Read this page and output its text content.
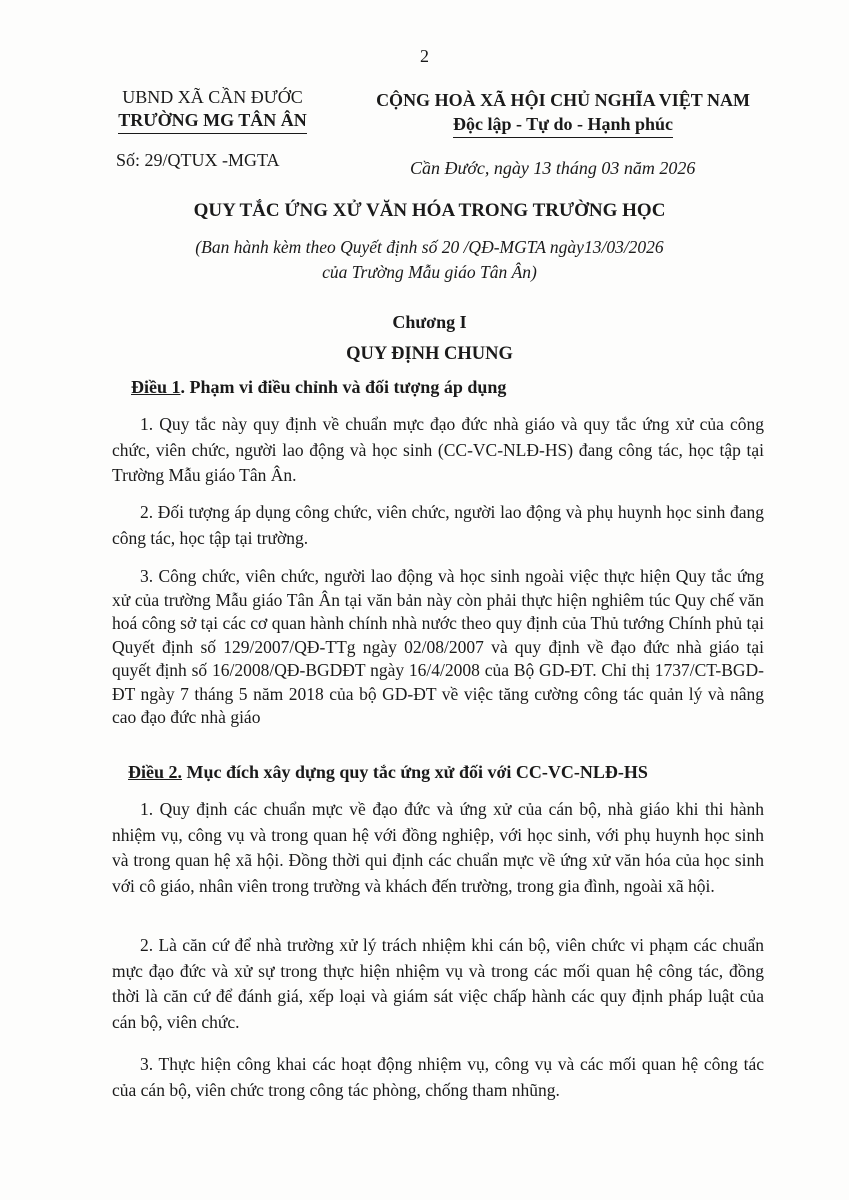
2
UBND XÃ CẦN ĐƯỚC
TRƯỜNG MG TÂN ÂN
CỘNG HOÀ XÃ HỘI CHỦ NGHĨA VIỆT NAM
Độc lập - Tự do - Hạnh phúc
Số: 29/QTUX -MGTA	Cần Đước, ngày 13 tháng 03 năm 2026
QUY TẮC ỨNG XỬ VĂN HÓA TRONG TRƯỜNG HỌC
(Ban hành kèm theo Quyết định số 20 /QĐ-MGTA ngày13/03/2026
của Trường Mẫu giáo Tân Ân)
Chương I
QUY ĐỊNH CHUNG
Điều 1. Phạm vi điều chỉnh và đối tượng áp dụng
1. Quy tắc này quy định về chuẩn mực đạo đức nhà giáo và quy tắc ứng xử của công chức, viên chức, người lao động và học sinh (CC-VC-NLĐ-HS) đang công tác, học tập tại Trường Mẫu giáo Tân Ân.
2. Đối tượng áp dụng công chức, viên chức, người lao động và phụ huynh học sinh đang công tác, học tập tại trường.
3. Công chức, viên chức, người lao động và học sinh ngoài việc thực hiện Quy tắc ứng xử của trường Mẫu giáo Tân Ân tại văn bản này còn phải thực hiện nghiêm túc Quy chế văn hoá công sở tại các cơ quan hành chính nhà nước theo quy định của Thủ tướng Chính phủ tại Quyết định số 129/2007/QĐ-TTg ngày 02/08/2007 và quy định về đạo đức nhà giáo tại quyết định số 16/2008/QĐ-BGDĐT ngày 16/4/2008 của Bộ GD-ĐT. Chỉ thị 1737/CT-BGD-ĐT ngày 7 tháng 5 năm 2018 của bộ GD-ĐT về việc tăng cường công tác quản lý và nâng cao đạo đức nhà giáo
Điều 2. Mục đích xây dựng quy tắc ứng xử đối với CC-VC-NLĐ-HS
1. Quy định các chuẩn mực về đạo đức và ứng xử của cán bộ, nhà giáo khi thi hành nhiệm vụ, công vụ và trong quan hệ với đồng nghiệp, với học sinh, với phụ huynh học sinh và trong quan hệ xã hội. Đồng thời qui định các chuẩn mực về ứng xử văn hóa của học sinh với cô giáo, nhân viên trong trường và khách đến trường, trong gia đình, ngoài xã hội.
2. Là căn cứ để nhà trường xử lý trách nhiệm khi cán bộ, viên chức vi phạm các chuẩn mực đạo đức và xử sự trong thực hiện nhiệm vụ và trong các mối quan hệ công tác, đồng thời là căn cứ để đánh giá, xếp loại và giám sát việc chấp hành các quy định pháp luật của cán bộ, viên chức.
3. Thực hiện công khai các hoạt động nhiệm vụ, công vụ và các mối quan hệ công tác của cán bộ, viên chức trong công tác phòng, chống tham nhũng.
